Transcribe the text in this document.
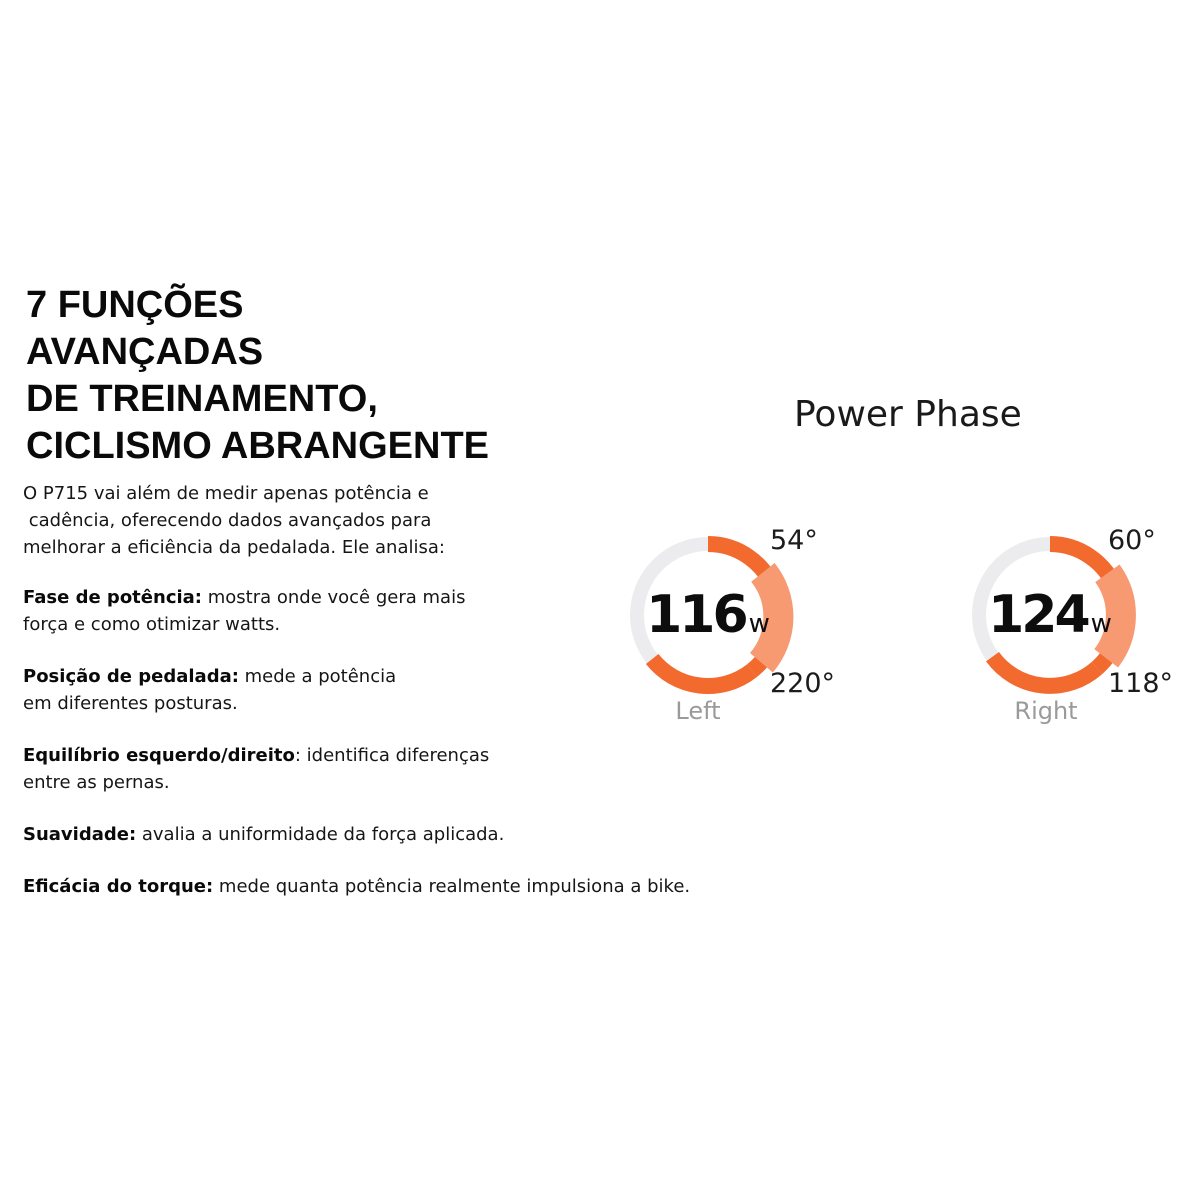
7 FUNÇÕES
AVANÇADAS
DE TREINAMENTO,
CICLISMO ABRANGENTE

O P715 vai além de medir apenas potência e
cadência, oferecendo dados avançados para
melhorar a eficiência da pedalada. Ele analisa:

Fase de potência: mostra onde você gera mais
força e como otimizar watts.

Posição de pedalada: mede a potência
em diferentes posturas.

Equilíbrio esquerdo/direito: identifica diferenças
entre as pernas.

Suavidade: avalia a uniformidade da força aplicada.

Eficácia do torque: mede quanta potência realmente impulsiona a bike.

Power Phase
116 w
54°
220°
Left
124 w
60°
118°
Right
